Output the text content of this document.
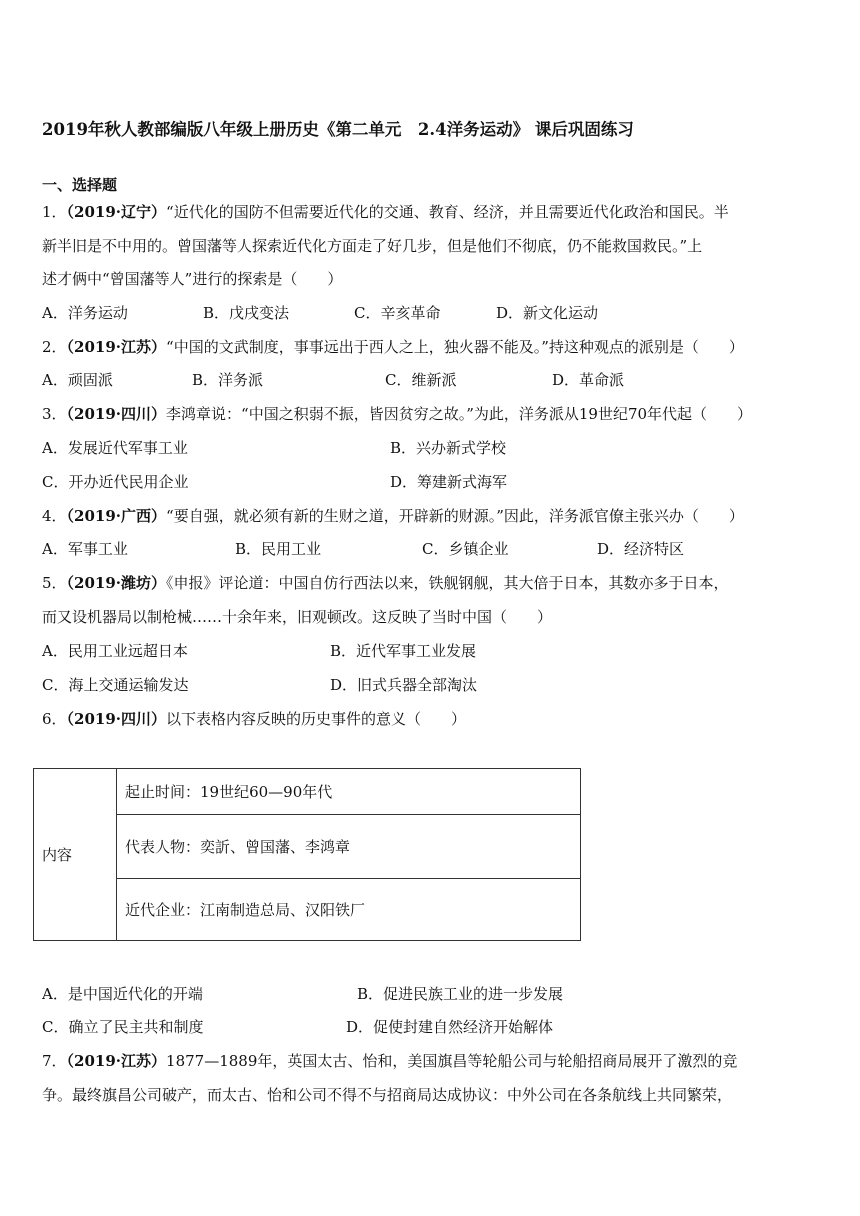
2019年秋人教部编版八年级上册历史《第二单元　2.4洋务运动》 课后巩固练习
一、选择题
1．（2019·辽宁）“近代化的国防不但需要近代化的交通、教育、经济，并且需要近代化政治和国民。半
新半旧是不中用的。曾国藩等人探索近代化方面走了好几步，但是他们不彻底，仍不能救国救民。”上
述才俩中“曾国藩等人”进行的探索是（　　）
A．洋务运动	B．戊戌变法	C．辛亥革命	D．新文化运动
2．（2019·江苏）“中国的文武制度，事事远出于西人之上，独火器不能及。”持这种观点的派别是（　　）
A．顽固派	B．洋务派	C．维新派	D．革命派
3．（2019·四川）李鸿章说：“中国之积弱不振，皆因贫穷之故。”为此，洋务派从19世纪70年代起（　　）
A．发展近代军事工业	B．兴办新式学校
C．开办近代民用企业	D．筹建新式海军
4．（2019·广西）“要自强，就必须有新的生财之道，开辟新的财源。”因此，洋务派官僚主张兴办（　　）
A．军事工业	B．民用工业	C．乡镇企业	D．经济特区
5．（2019·潍坊）《申报》评论道：中国自仿行西法以来，铁舰钢舰，其大倍于日本，其数亦多于日本，
而又设机器局以制枪械……十余年来，旧观顿改。这反映了当时中国（　　）
A．民用工业远超日本	B．近代军事工业发展
C．海上交通运输发达	D．旧式兵器全部淘汰
6．（2019·四川）以下表格内容反映的历史事件的意义（　　）
内容	起止时间：19世纪60—90年代
代表人物：奕訢、曾国藩、李鸿章
近代企业：江南制造总局、汉阳铁厂
A．是中国近代化的开端	B．促进民族工业的进一步发展
C．确立了民主共和制度	D．促使封建自然经济开始解体
7．（2019·江苏）1877—1889年，英国太古、怡和，美国旗昌等轮船公司与轮船招商局展开了激烈的竞
争。最终旗昌公司破产，而太古、怡和公司不得不与招商局达成协议：中外公司在各条航线上共同繁荣，
